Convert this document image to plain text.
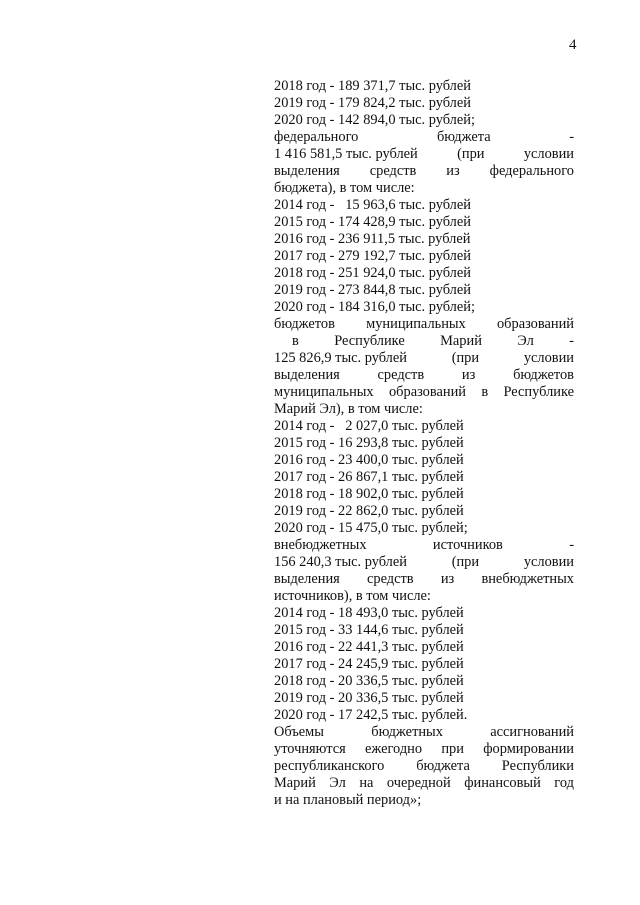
4
2018 год - 189 371,7 тыс. рублей
2019 год - 179 824,2 тыс. рублей
2020 год - 142 894,0 тыс. рублей;
федерального	бюджета	-
1 416 581,5 тыс. рублей	(при	условии
выделения средств из федерального
бюджета), в том числе:
2014 год -   15 963,6 тыс. рублей
2015 год - 174 428,9 тыс. рублей
2016 год - 236 911,5 тыс. рублей
2017 год - 279 192,7 тыс. рублей
2018 год - 251 924,0 тыс. рублей
2019 год - 273 844,8 тыс. рублей
2020 год - 184 316,0 тыс. рублей;
бюджетов муниципальных образований
в Республике Марий Эл -
125 826,9 тыс. рублей	(при	условии
выделения	средств	из	бюджетов
муниципальных образований в Республике
Марий Эл), в том числе:
2014 год -   2 027,0 тыс. рублей
2015 год - 16 293,8 тыс. рублей
2016 год - 23 400,0 тыс. рублей
2017 год - 26 867,1 тыс. рублей
2018 год - 18 902,0 тыс. рублей
2019 год - 22 862,0 тыс. рублей
2020 год - 15 475,0 тыс. рублей;
внебюджетных	источников	-
156 240,3 тыс. рублей	(при	условии
выделения средств из внебюджетных
источников), в том числе:
2014 год - 18 493,0 тыс. рублей
2015 год - 33 144,6 тыс. рублей
2016 год - 22 441,3 тыс. рублей
2017 год - 24 245,9 тыс. рублей
2018 год - 20 336,5 тыс. рублей
2019 год - 20 336,5 тыс. рублей
2020 год - 17 242,5 тыс. рублей.
Объемы	бюджетных	ассигнований
уточняются ежегодно при формировании
республиканского бюджета Республики
Марий Эл на очередной финансовый год
и на плановый период»;
